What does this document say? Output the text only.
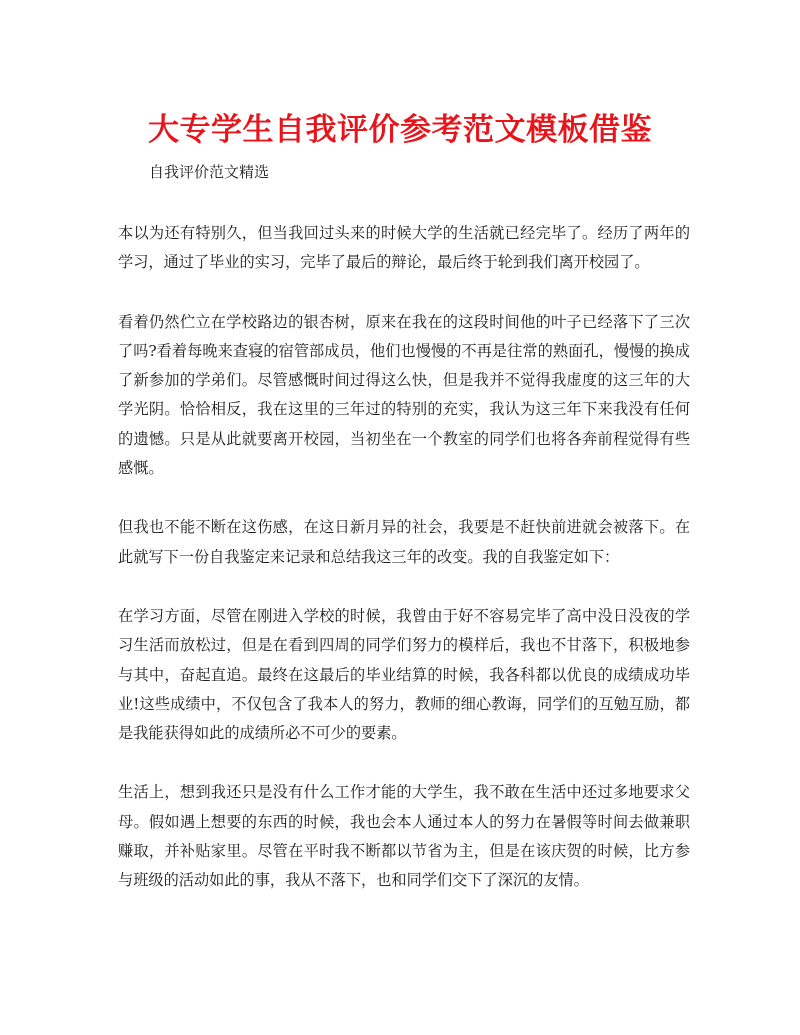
大专学生自我评价参考范文模板借鉴

自我评价范文精选

本以为还有特别久，但当我回过头来的时候大学的生活就已经完毕了。经历了两年的学习，通过了毕业的实习，完毕了最后的辩论，最后终于轮到我们离开校园了。

看着仍然伫立在学校路边的银杏树，原来在我在的这段时间他的叶子已经落下了三次了吗?看着每晚来查寝的宿管部成员，他们也慢慢的不再是往常的熟面孔，慢慢的换成了新参加的学弟们。尽管感慨时间过得这么快，但是我并不觉得我虚度的这三年的大学光阴。恰恰相反，我在这里的三年过的特别的充实，我认为这三年下来我没有任何的遗憾。只是从此就要离开校园，当初坐在一个教室的同学们也将各奔前程觉得有些感慨。

但我也不能不断在这伤感，在这日新月异的社会，我要是不赶快前进就会被落下。在此就写下一份自我鉴定来记录和总结我这三年的改变。我的自我鉴定如下：

在学习方面，尽管在刚进入学校的时候，我曾由于好不容易完毕了高中没日没夜的学习生活而放松过，但是在看到四周的同学们努力的模样后，我也不甘落下，积极地参与其中，奋起直追。最终在这最后的毕业结算的时候，我各科都以优良的成绩成功毕业!这些成绩中，不仅包含了我本人的努力，教师的细心教诲，同学们的互勉互励，都是我能获得如此的成绩所必不可少的要素。

生活上，想到我还只是没有什么工作才能的大学生，我不敢在生活中还过多地要求父母。假如遇上想要的东西的时候，我也会本人通过本人的努力在暑假等时间去做兼职赚取，并补贴家里。尽管在平时我不断都以节省为主，但是在该庆贺的时候，比方参与班级的活动如此的事，我从不落下，也和同学们交下了深沉的友情。
